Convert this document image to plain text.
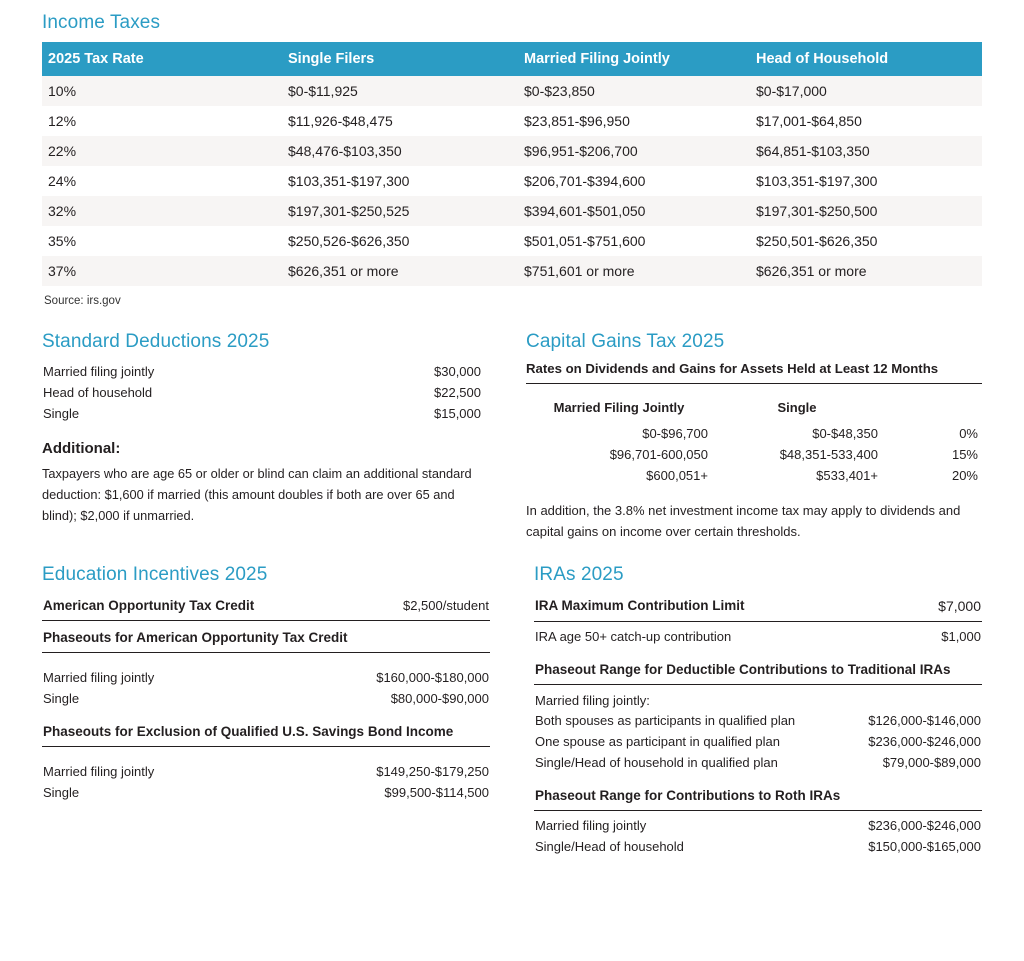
Income Taxes
2025 Tax Rate	Single Filers	Married Filing Jointly	Head of Household
10%	$0-$11,925	$0-$23,850	$0-$17,000
12%	$11,926-$48,475	$23,851-$96,950	$17,001-$64,850
22%	$48,476-$103,350	$96,951-$206,700	$64,851-$103,350
24%	$103,351-$197,300	$206,701-$394,600	$103,351-$197,300
32%	$197,301-$250,525	$394,601-$501,050	$197,301-$250,500
35%	$250,526-$626,350	$501,051-$751,600	$250,501-$626,350
37%	$626,351 or more	$751,601 or more	$626,351 or more
Source: irs.gov
Standard Deductions 2025
Married filing jointly	$30,000
Head of household	$22,500
Single	$15,000
Additional:

Taxpayers who are age 65 or older or blind can claim an additional standard deduction: $1,600 if married (this amount doubles if both are over 65 and blind); $2,000 if unmarried.

Capital Gains Tax 2025
Rates on Dividends and Gains for Assets Held at Least 12 Months
Married Filing Jointly	Single	
$0-$96,700	$0-$48,350	0%
$96,701-600,050	$48,351-533,400	15%
$600,051+	$533,401+	20%
In addition, the 3.8% net investment income tax may apply to dividends and capital gains on income over certain thresholds.
Education Incentives 2025
American Opportunity Tax Credit	$2,500/student
Phaseouts for American Opportunity Tax Credit
Married filing jointly	$160,000-$180,000
Single	$80,000-$90,000
Phaseouts for Exclusion of Qualified U.S. Savings Bond Income
Married filing jointly	$149,250-$179,250
Single	$99,500-$114,500
IRAs 2025
IRA Maximum Contribution Limit	$7,000
IRA age 50+ catch-up contribution	$1,000
Phaseout Range for Deductible Contributions to Traditional IRAs
Married filing jointly:
Both spouses as participants in qualified plan	$126,000-$146,000
One spouse as participant in qualified plan	$236,000-$246,000
Single/Head of household in qualified plan	$79,000-$89,000
Phaseout Range for Contributions to Roth IRAs
Married filing jointly	$236,000-$246,000
Single/Head of household	$150,000-$165,000
